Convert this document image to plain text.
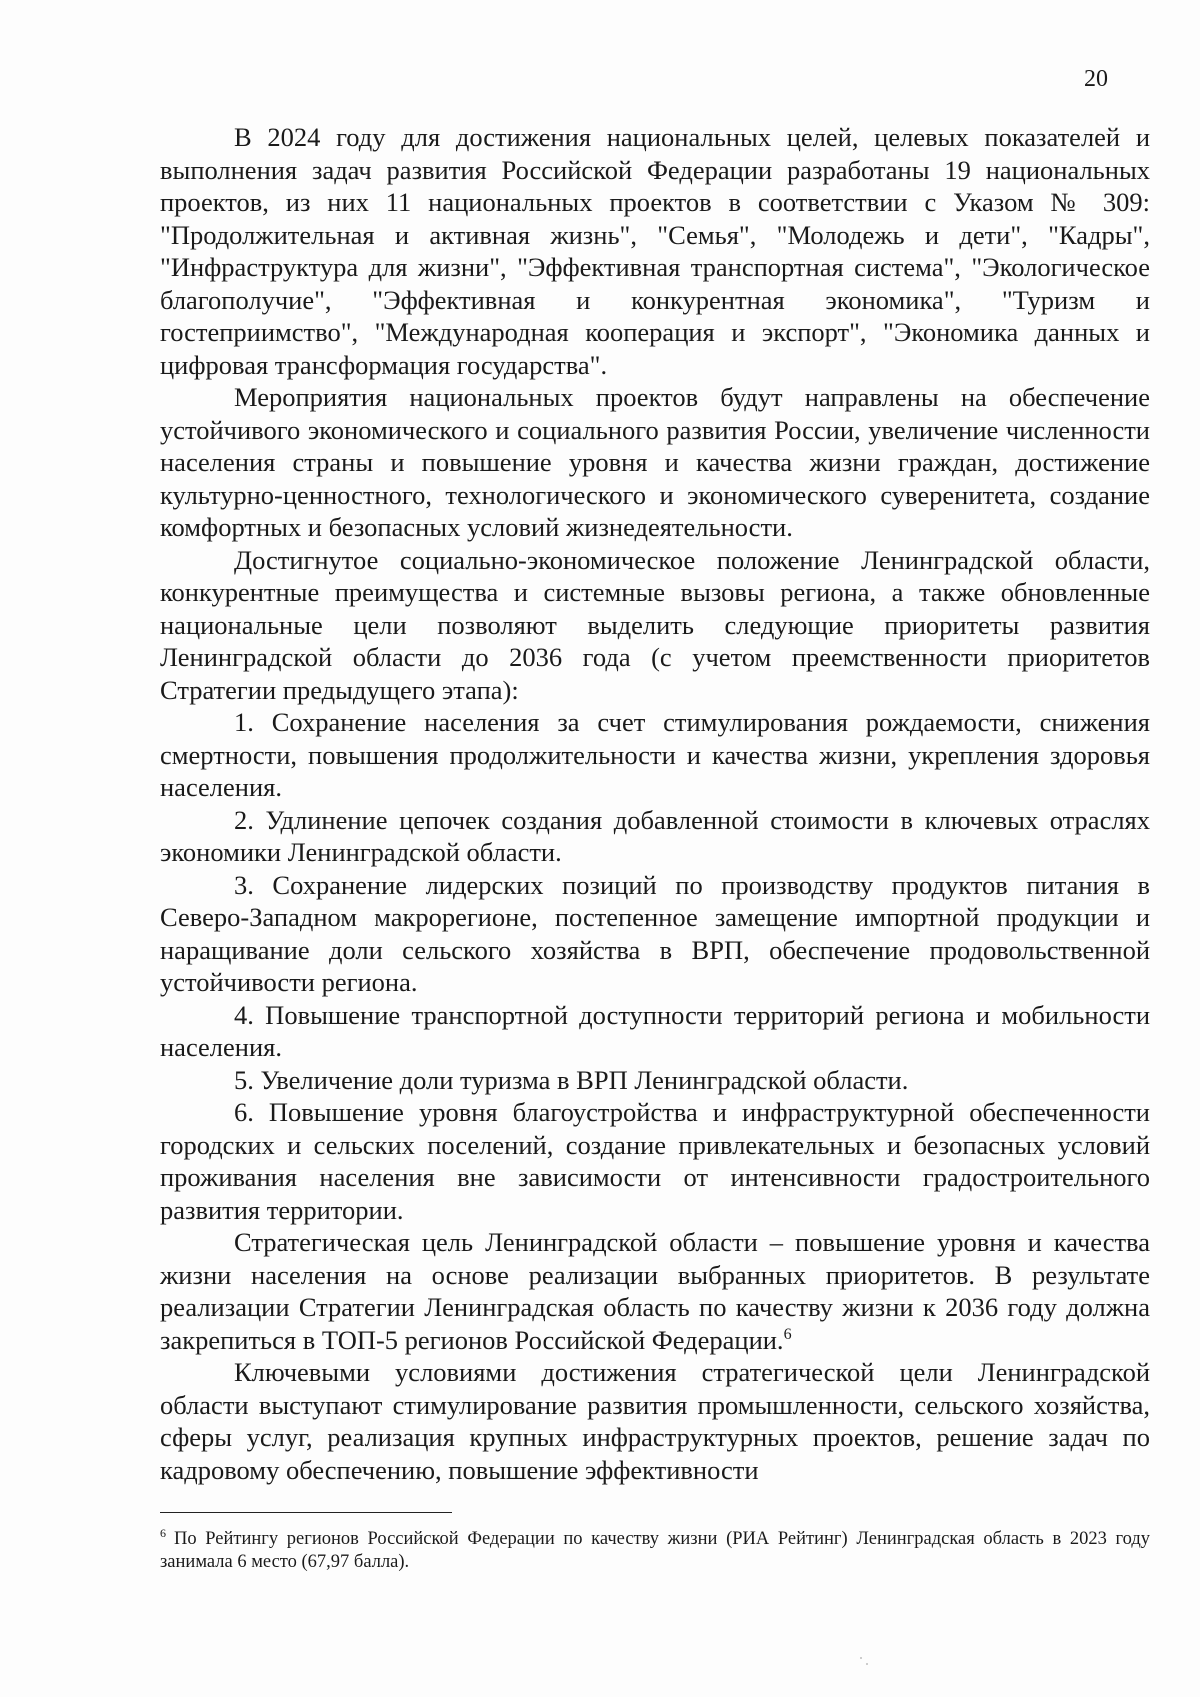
20

В 2024 году для достижения национальных целей, целевых показателей и выполнения задач развития Российской Федерации разработаны 19 национальных проектов, из них 11 национальных проектов в соответствии с Указом № 309: "Продолжительная и активная жизнь", "Семья", "Молодежь и дети", "Кадры", "Инфраструктура для жизни", "Эффективная транспортная система", "Экологическое благополучие", "Эффективная и конкурентная экономика", "Туризм и гостеприимство", "Международная кооперация и экспорт", "Экономика данных и цифровая трансформация государства".

Мероприятия национальных проектов будут направлены на обеспечение устойчивого экономического и социального развития России, увеличение численности населения страны и повышение уровня и качества жизни граждан, достижение культурно-ценностного, технологического и экономического суверенитета, создание комфортных и безопасных условий жизнедеятельности.

Достигнутое социально-экономическое положение Ленинградской области, конкурентные преимущества и системные вызовы региона, а также обновленные национальные цели позволяют выделить следующие приоритеты развития Ленинградской области до 2036 года (с учетом преемственности приоритетов Стратегии предыдущего этапа):

1. Сохранение населения за счет стимулирования рождаемости, снижения смертности, повышения продолжительности и качества жизни, укрепления здоровья населения.

2. Удлинение цепочек создания добавленной стоимости в ключевых отраслях экономики Ленинградской области.

3. Сохранение лидерских позиций по производству продуктов питания в Северо-Западном макрорегионе, постепенное замещение импортной продукции и наращивание доли сельского хозяйства в ВРП, обеспечение продовольственной устойчивости региона.

4. Повышение транспортной доступности территорий региона и мобильности населения.

5. Увеличение доли туризма в ВРП Ленинградской области.

6. Повышение уровня благоустройства и инфраструктурной обеспеченности городских и сельских поселений, создание привлекательных и безопасных условий проживания населения вне зависимости от интенсивности градостроительного развития территории.

Стратегическая цель Ленинградской области – повышение уровня и качества жизни населения на основе реализации выбранных приоритетов. В результате реализации Стратегии Ленинградская область по качеству жизни к 2036 году должна закрепиться в ТОП-5 регионов Российской Федерации.$^6$

Ключевыми условиями достижения стратегической цели Ленинградской области выступают стимулирование развития промышленности, сельского хозяйства, сферы услуг, реализация крупных инфраструктурных проектов, решение задач по кадровому обеспечению, повышение эффективности

$^6$ По Рейтингу регионов Российской Федерации по качеству жизни (РИА Рейтинг) Ленинградская область в 2023 году занимала 6 место (67,97 балла).
